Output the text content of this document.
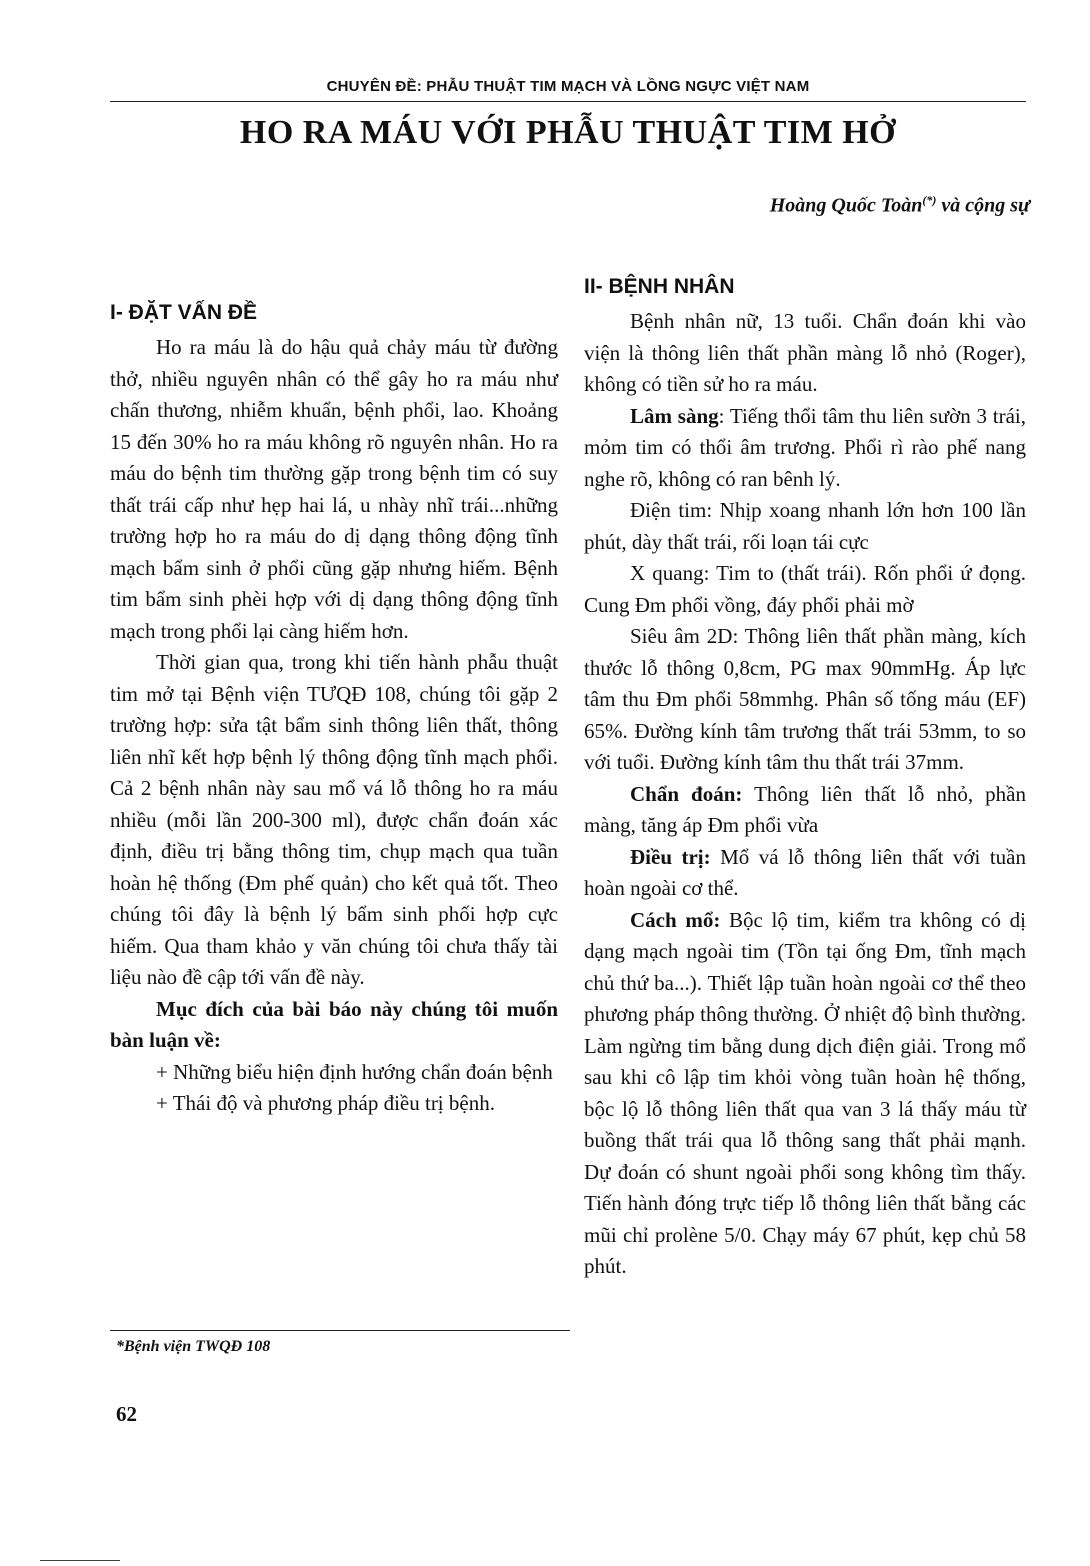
CHUYÊN ĐỀ: PHẪU THUẬT TIM MẠCH VÀ LỒNG NGỰC VIỆT NAM
HO RA MÁU VỚI PHẪU THUẬT TIM HỞ
Hoàng Quốc Toàn(*) và cộng sự
I- ĐẶT VẤN ĐỀ

Ho ra máu là do hậu quả chảy máu từ đường thở, nhiều nguyên nhân có thể gây ho ra máu như chấn thương, nhiễm khuẩn, bệnh phổi, lao. Khoảng 15 đến 30% ho ra máu không rõ nguyên nhân. Ho ra máu do bệnh tim thường gặp trong bệnh tim có suy thất trái cấp như hẹp hai lá, u nhày nhĩ trái...những trường hợp ho ra máu do dị dạng thông động tĩnh mạch bẩm sinh ở phổi cũng gặp nhưng hiếm. Bệnh tim bẩm sinh phèi hợp với dị dạng thông động tĩnh mạch trong phổi lại càng hiếm hơn.

Thời gian qua, trong khi tiến hành phẫu thuật tim mở tại Bệnh viện TƯQĐ 108, chúng tôi gặp 2 trường hợp: sửa tật bẩm sinh thông liên thất, thông liên nhĩ kết hợp bệnh lý thông động tĩnh mạch phổi. Cả 2 bệnh nhân này sau mổ vá lỗ thông ho ra máu nhiều (mỗi lần 200-300 ml), được chẩn đoán xác định, điều trị bằng thông tim, chụp mạch qua tuần hoàn hệ thống (Đm phế quản) cho kết quả tốt. Theo chúng tôi đây là bệnh lý bẩm sinh phối hợp cực hiếm. Qua tham khảo y văn chúng tôi chưa thấy tài liệu nào đề cập tới vấn đề này.

Mục đích của bài báo này chúng tôi muốn bàn luận về:

+ Những biểu hiện định hướng chẩn đoán bệnh

+ Thái độ và phương pháp điều trị bệnh.

II- BỆNH NHÂN

Bệnh nhân nữ, 13 tuổi. Chẩn đoán khi vào viện là thông liên thất phần màng lỗ nhỏ (Roger), không có tiền sử ho ra máu.

Lâm sàng: Tiếng thổi tâm thu liên sườn 3 trái, mỏm tim có thổi âm trương. Phổi rì rào phế nang nghe rõ, không có ran bênh lý.

Điện tim: Nhịp xoang nhanh lớn hơn 100 lần phút, dày thất trái, rối loạn tái cực

X quang: Tim to (thất trái). Rốn phổi ứ đọng. Cung Đm phổi vồng, đáy phổi phải mờ

Siêu âm 2D: Thông liên thất phần màng, kích thước lỗ thông 0,8cm, PG max 90mmHg. Áp lực tâm thu Đm phổi 58mmhg. Phân số tống máu (EF) 65%. Đường kính tâm trương thất trái 53mm, to so với tuổi. Đường kính tâm thu thất trái 37mm.

Chẩn đoán: Thông liên thất lỗ nhỏ, phần màng, tăng áp Đm phổi vừa

Điều trị: Mổ vá lỗ thông liên thất với tuần hoàn ngoài cơ thể.

Cách mổ: Bộc lộ tim, kiểm tra không có dị dạng mạch ngoài tim (Tồn tại ống Đm, tĩnh mạch chủ thứ ba...). Thiết lập tuần hoàn ngoài cơ thể theo phương pháp thông thường. Ở nhiệt độ bình thường. Làm ngừng tim bằng dung dịch điện giải. Trong mổ sau khi cô lập tim khỏi vòng tuần hoàn hệ thống, bộc lộ lỗ thông liên thất qua van 3 lá thấy máu từ buồng thất trái qua lỗ thông sang thất phải mạnh. Dự đoán có shunt ngoài phổi song không tìm thấy. Tiến hành đóng trực tiếp lỗ thông liên thất bằng các mũi chỉ prolène 5/0. Chạy máy 67 phút, kẹp chủ 58 phút.

*Bệnh viện TWQĐ 108
62
